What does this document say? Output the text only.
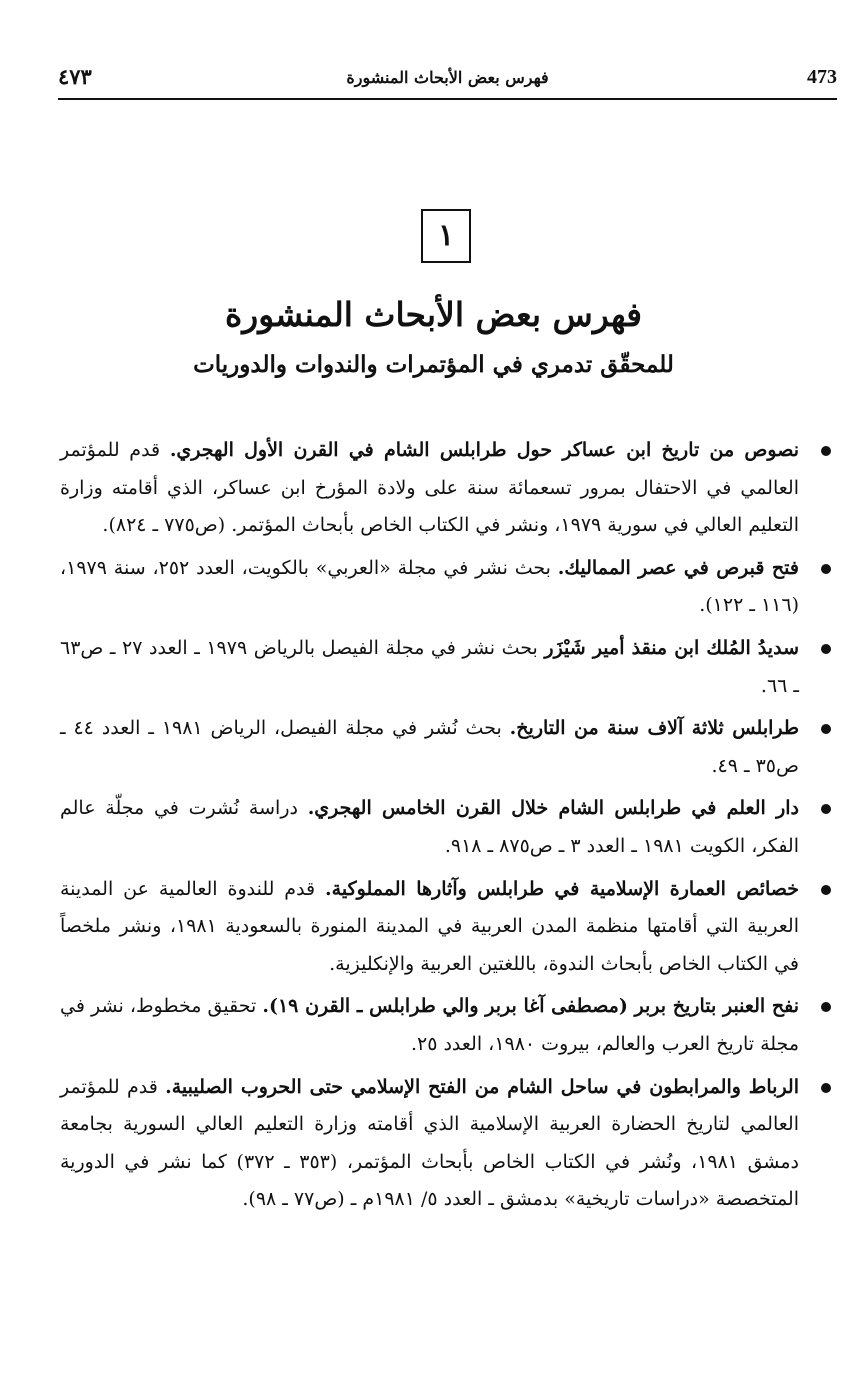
473
فهرس بعض الأبحاث المنشورة
٤٧٣
١
فهرس بعض الأبحاث المنشورة
للمحقّق تدمري في المؤتمرات والندوات والدوريات
نصوص من تاريخ ابن عساكر حول طرابلس الشام في القرن الأول الهجري. قدم للمؤتمر العالمي في الاحتفال بمرور تسعمائة سنة على ولادة المؤرخ ابن عساكر، الذي أقامته وزارة التعليم العالي في سورية ١٩٧٩، ونشر في الكتاب الخاص بأبحاث المؤتمر. (ص٧٧٥ ـ ٨٢٤).
فتح قبرص في عصر المماليك. بحث نشر في مجلة «العربي» بالكويت، العدد ٢٥٢، سنة ١٩٧٩، (١١٦ ـ ١٢٢).
سديدُ المُلك ابن منقذ أمير شَيْزَر بحث نشر في مجلة الفيصل بالرياض ١٩٧٩ ـ العدد ٢٧ ـ ص٦٣ ـ ٦٦.
طرابلس ثلاثة آلاف سنة من التاريخ. بحث نُشر في مجلة الفيصل، الرياض ١٩٨١ ـ العدد ٤٤ ـ ص٣٥ ـ ٤٩.
دار العلم في طرابلس الشام خلال القرن الخامس الهجري. دراسة نُشرت في مجلّة عالم الفكر، الكويت ١٩٨١ ـ العدد ٣ ـ ص٨٧٥ ـ ٩١٨.
خصائص العمارة الإسلامية في طرابلس وآثارها المملوكية. قدم للندوة العالمية عن المدينة العربية التي أقامتها منظمة المدن العربية في المدينة المنورة بالسعودية ١٩٨١، ونشر ملخصاً في الكتاب الخاص بأبحاث الندوة، باللغتين العربية والإنكليزية.
نفح العنبر بتاريخ بربر (مصطفى آغا بربر والي طرابلس ـ القرن ١٩). تحقيق مخطوط، نشر في مجلة تاريخ العرب والعالم، بيروت ١٩٨٠، العدد ٢٥.
الرباط والمرابطون في ساحل الشام من الفتح الإسلامي حتى الحروب الصليبية. قدم للمؤتمر العالمي لتاريخ الحضارة العربية الإسلامية الذي أقامته وزارة التعليم العالي السورية بجامعة دمشق ١٩٨١، ونُشر في الكتاب الخاص بأبحاث المؤتمر، (٣٥٣ ـ ٣٧٢) كما نشر في الدورية المتخصصة «دراسات تاريخية» بدمشق ـ العدد ٥/ ١٩٨١م ـ (ص٧٧ ـ ٩٨).
